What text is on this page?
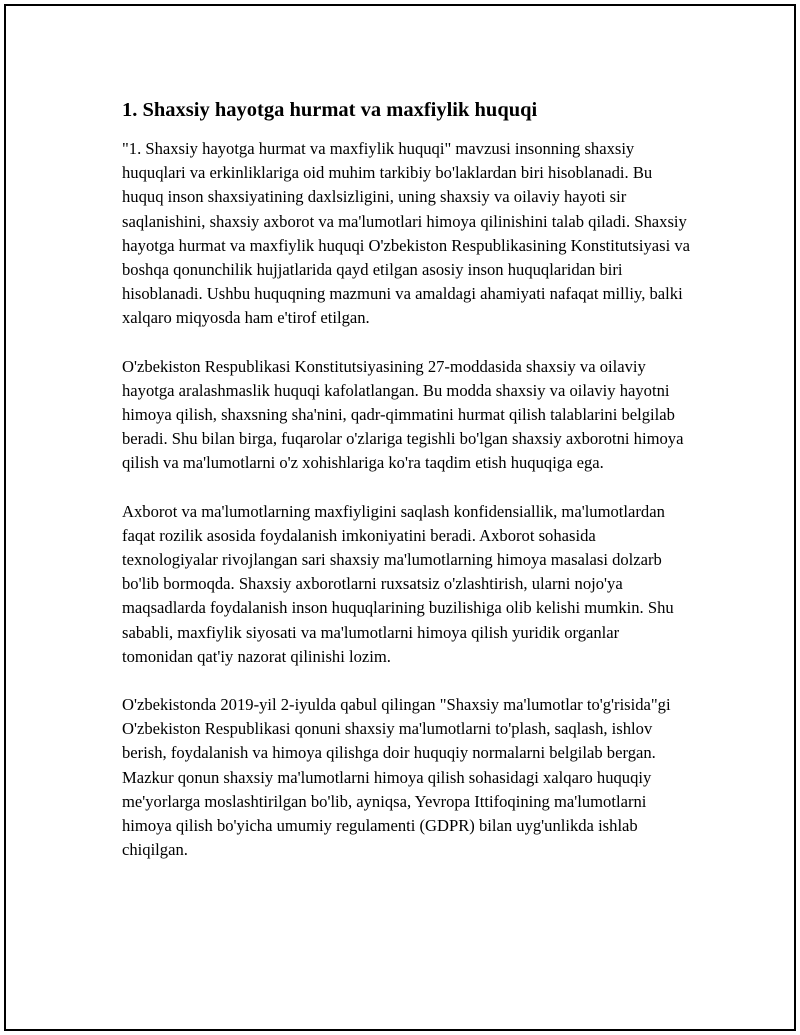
1. Shaxsiy hayotga hurmat va maxfiylik huquqi

"1. Shaxsiy hayotga hurmat va maxfiylik huquqi" mavzusi insonning shaxsiy huquqlari va erkinliklariga oid muhim tarkibiy bo'laklardan biri hisoblanadi. Bu huquq inson shaxsiyatining daxlsizligini, uning shaxsiy va oilaviy hayoti sir saqlanishini, shaxsiy axborot va ma'lumotlari himoya qilinishini talab qiladi. Shaxsiy hayotga hurmat va maxfiylik huquqi O'zbekiston Respublikasining Konstitutsiyasi va boshqa qonunchilik hujjatlarida qayd etilgan asosiy inson huquqlaridan biri hisoblanadi. Ushbu huquqning mazmuni va amaldagi ahamiyati nafaqat milliy, balki xalqaro miqyosda ham e'tirof etilgan.

O'zbekiston Respublikasi Konstitutsiyasining 27-moddasida shaxsiy va oilaviy hayotga aralashmaslik huquqi kafolatlangan. Bu modda shaxsiy va oilaviy hayotni himoya qilish, shaxsning sha'nini, qadr-qimmatini hurmat qilish talablarini belgilab beradi. Shu bilan birga, fuqarolar o'zlariga tegishli bo'lgan shaxsiy axborotni himoya qilish va ma'lumotlarni o'z xohishlariga ko'ra taqdim etish huquqiga ega.

Axborot va ma'lumotlarning maxfiyligini saqlash konfidensiallik, ma'lumotlardan faqat rozilik asosida foydalanish imkoniyatini beradi. Axborot sohasida texnologiyalar rivojlangan sari shaxsiy ma'lumotlarning himoya masalasi dolzarb bo'lib bormoqda. Shaxsiy axborotlarni ruxsatsiz o'zlashtirish, ularni nojo'ya maqsadlarda foydalanish inson huquqlarining buzilishiga olib kelishi mumkin. Shu sababli, maxfiylik siyosati va ma'lumotlarni himoya qilish yuridik organlar tomonidan qat'iy nazorat qilinishi lozim.

O'zbekistonda 2019-yil 2-iyulda qabul qilingan "Shaxsiy ma'lumotlar to'g'risida"gi O'zbekiston Respublikasi qonuni shaxsiy ma'lumotlarni to'plash, saqlash, ishlov berish, foydalanish va himoya qilishga doir huquqiy normalarni belgilab bergan. Mazkur qonun shaxsiy ma'lumotlarni himoya qilish sohasidagi xalqaro huquqiy me'yorlarga moslashtirilgan bo'lib, ayniqsa, Yevropa Ittifoqining ma'lumotlarni himoya qilish bo'yicha umumiy regulamenti (GDPR) bilan uyg'unlikda ishlab chiqilgan.
